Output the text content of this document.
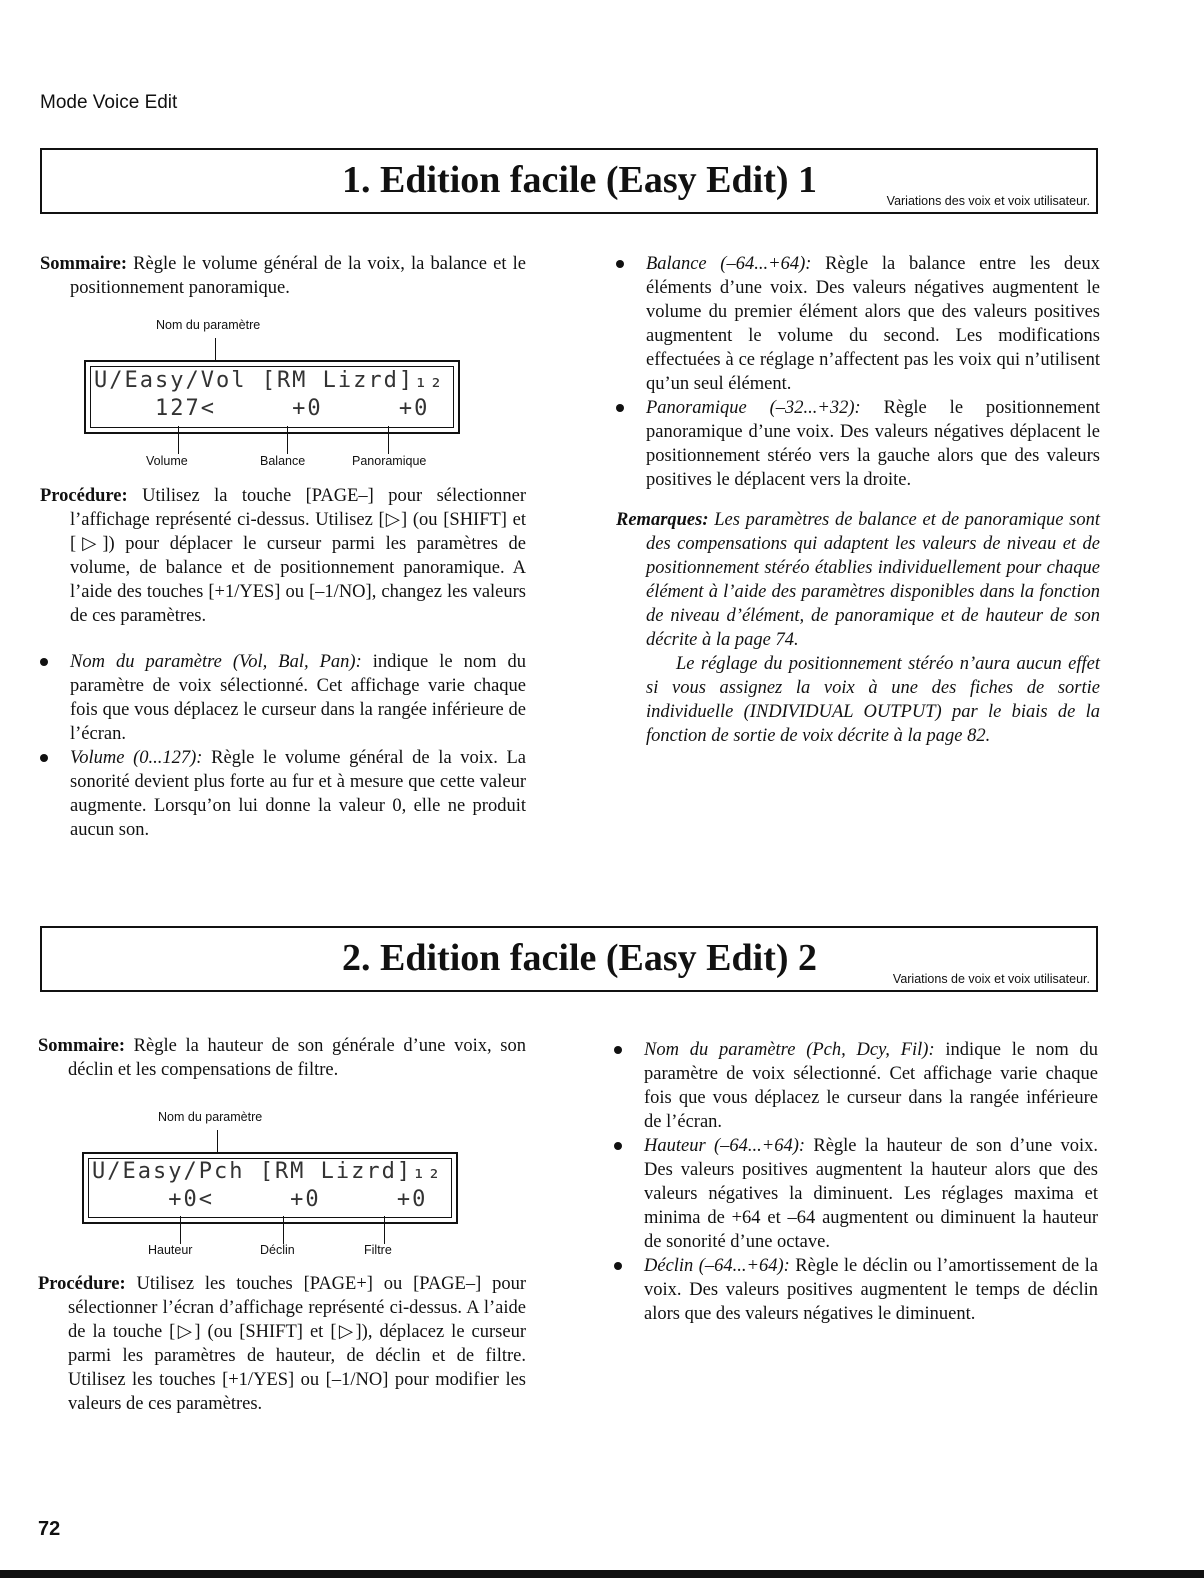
Mode Voice Edit
1. Edition facile (Easy Edit) 1	Variations des voix et voix utilisateur.

Sommaire: Règle le volume général de la voix, la balance et le positionnement panoramique.

Nom du paramètre
U/Easy/Vol [RM Lizrd]₁₂
127<     +0     +0
Volume	Balance	Panoramique

Procédure: Utilisez la touche [PAGE–] pour sélectionner l’affichage représenté ci-dessus. Utilisez [▷] (ou [SHIFT] et [▷]) pour déplacer le curseur parmi les paramètres de volume, de balance et de positionnement panoramique. A l’aide des touches [+1/YES] ou [–1/NO], changez les valeurs de ces paramètres.

Nom du paramètre (Vol, Bal, Pan): indique le nom du paramètre de voix sélectionné. Cet affichage varie chaque fois que vous déplacez le curseur dans la rangée inférieure de l’écran.

Volume (0...127): Règle le volume général de la voix. La sonorité devient plus forte au fur et à mesure que cette valeur augmente. Lorsqu’on lui donne la valeur 0, elle ne produit aucun son.

Balance (–64...+64): Règle la balance entre les deux éléments d’une voix. Des valeurs négatives augmentent le volume du premier élément alors que des valeurs positives augmentent le volume du second. Les modifications effectuées à ce réglage n’affectent pas les voix qui n’utilisent qu’un seul élément.

Panoramique (–32...+32): Règle le positionnement panoramique d’une voix. Des valeurs négatives déplacent le positionnement stéréo vers la gauche alors que des valeurs positives le déplacent vers la droite.

Remarques: Les paramètres de balance et de panoramique sont des compensations qui adaptent les valeurs de niveau et de positionnement stéréo établies individuellement pour chaque élément à l’aide des paramètres disponibles dans la fonction de niveau d’élément, de panoramique et de hauteur de son décrite à la page 74.

Le réglage du positionnement stéréo n’aura aucun effet si vous assignez la voix à une des fiches de sortie individuelle (INDIVIDUAL OUTPUT) par le biais de la fonction de sortie de voix décrite à la page 82.

2. Edition facile (Easy Edit) 2	Variations de voix et voix utilisateur.

Sommaire: Règle la hauteur de son générale d’une voix, son déclin et les compensations de filtre.

Nom du paramètre
U/Easy/Pch [RM Lizrd]₁₂
+0<     +0     +0
Hauteur	Déclin	Filtre

Procédure: Utilisez les touches [PAGE+] ou [PAGE–] pour sélectionner l’écran d’affichage représenté ci-dessus. A l’aide de la touche [▷] (ou [SHIFT] et [▷]), déplacez le curseur parmi les paramètres de hauteur, de déclin et de filtre. Utilisez les touches [+1/YES] ou [–1/NO] pour modifier les valeurs de ces paramètres.

Nom du paramètre (Pch, Dcy, Fil): indique le nom du paramètre de voix sélectionné. Cet affichage varie chaque fois que vous déplacez le curseur dans la rangée inférieure de l’écran.

Hauteur (–64...+64): Règle la hauteur de son d’une voix. Des valeurs positives augmentent la hauteur alors que des valeurs négatives la diminuent. Les réglages maxima et minima de +64 et –64 augmentent ou diminuent la hauteur de sonorité d’une octave.

Déclin (–64...+64): Règle le déclin ou l’amortissement de la voix. Des valeurs positives augmentent le temps de déclin alors que des valeurs négatives le diminuent.

72
